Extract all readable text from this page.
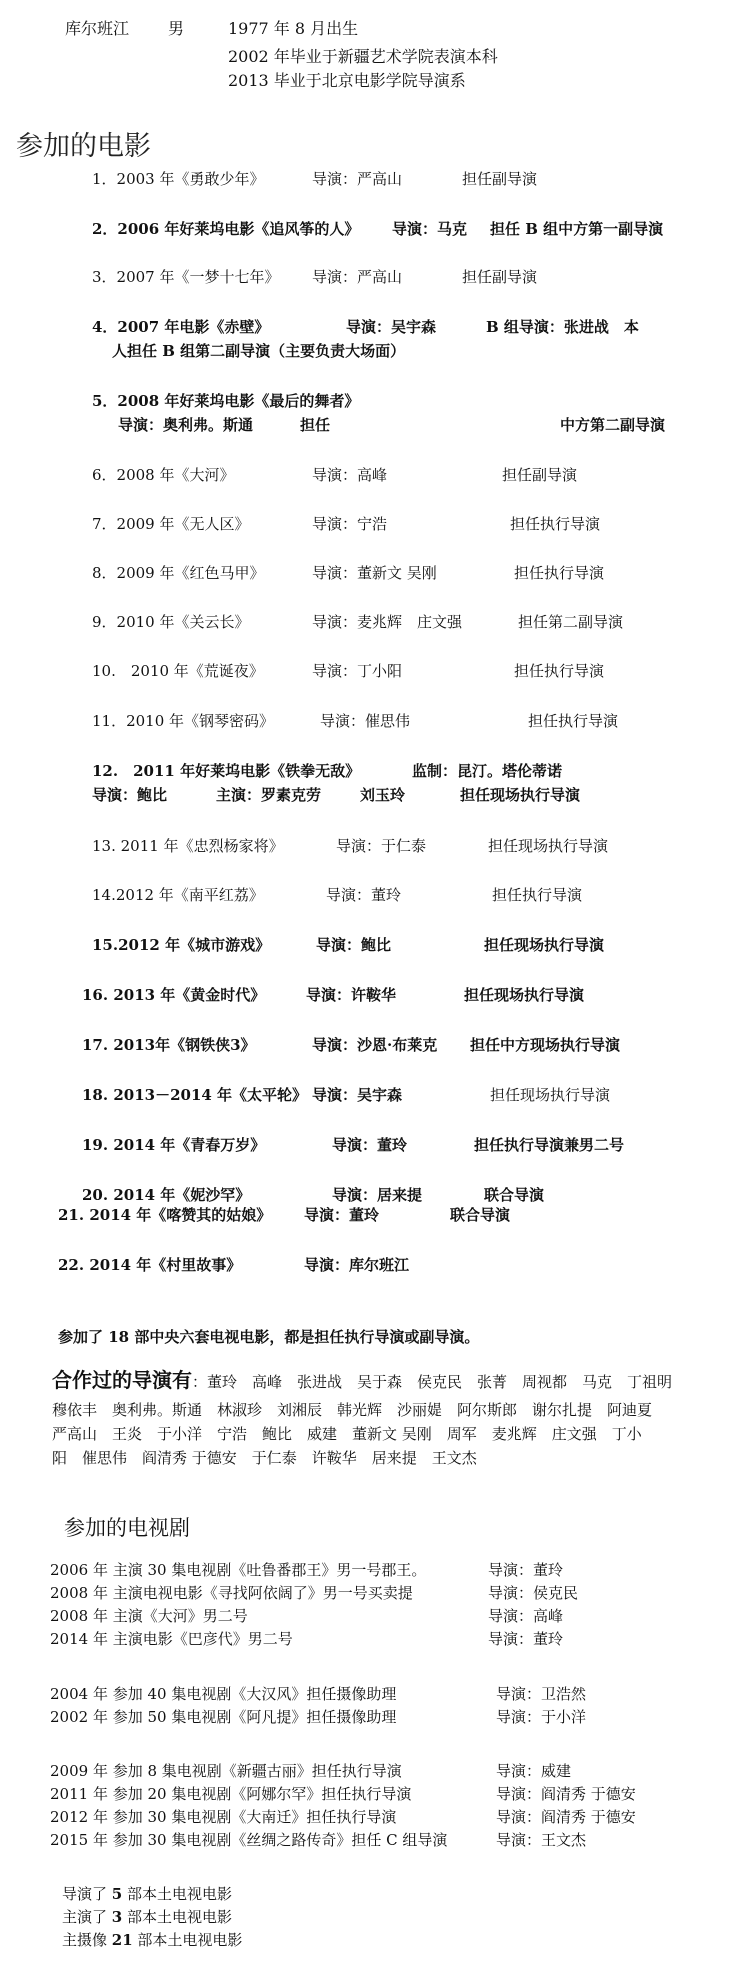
库尔班江 男	1977 年 8 月出生
2002 年毕业于新疆艺术学院表演本科
2013 毕业于北京电影学院导演系
参加的电影
1．2003 年《勇敢少年》	导演：严高山	担任副导演
2．2006 年好莱坞电影《追风筝的人》 导演：马克 担任 B 组中方第一副导演
3．2007 年《一梦十七年》 导演：严高山	担任副导演
4．2007 年电影《赤壁》	导演：吴宇森	B 组导演：张进战　本
人担任 B 组第二副导演（主要负责大场面）
5．2008 年好莱坞电影《最后的舞者》
导演：奥利弗。斯通	担任	中方第二副导演
6．2008 年《大河》	导演：高峰	担任副导演
7．2009 年《无人区》	导演：宁浩	担任执行导演
8．2009 年《红色马甲》	导演：董新文 吴刚	担任执行导演
9．2010 年《关云长》	导演：麦兆辉　庄文强	担任第二副导演
10.　2010 年《荒诞夜》	导演：丁小阳	担任执行导演
11．2010 年《钢琴密码》	导演：催思伟	担任执行导演
12.　2011 年好莱坞电影《铁拳无敌》	监制：昆汀。塔伦蒂诺
导演：鲍比	主演：罗素克劳	刘玉玲	担任现场执行导演
13. 2011 年《忠烈杨家将》	导演：于仁泰	担任现场执行导演
14.2012 年《南平红荔》	导演：董玲	担任执行导演
15.2012 年《城市游戏》	导演：鲍比	担任现场执行导演
16. 2013 年《黄金时代》	导演：许鞍华	担任现场执行导演
17. 2013年《钢铁侠3》	导演：沙恩·布莱克 担任中方现场执行导演
18. 2013－2014 年《太平轮》 导演：吴宇森	担任现场执行导演
19. 2014 年《青春万岁》	导演：董玲	担任执行导演兼男二号
20. 2014 年《妮沙罕》	导演：居来提	联合导演
21. 2014 年《喀赞其的姑娘》 导演：董玲	联合导演
22. 2014 年《村里故事》	导演：库尔班江
参加了 18 部中央六套电视电影，都是担任执行导演或副导演。
合作过的导演有：董玲　高峰　张进战　吴于森　侯克民　张菁　周视都　马克　丁祖明
穆依丰　奥利弗。斯通　林淑珍　刘湘辰　韩光辉　沙丽媞　阿尔斯郎　谢尔扎提　阿迪夏
严高山　王炎　于小洋　宁浩　鲍比　威建　董新文 吴刚　周军　麦兆辉　庄文强　丁小
阳　催思伟　阎清秀 于德安　于仁泰　许鞍华　居来提　王文杰
参加的电视剧
2006 年 主演 30 集电视剧《吐鲁番郡王》男一号郡王。	导演：董玲
2008 年 主演电视电影《寻找阿依阔了》男一号买卖提	导演：侯克民
2008 年 主演《大河》男二号	导演：高峰
2014 年 主演电影《巴彦代》男二号	导演：董玲
2004 年 参加 40 集电视剧《大汉风》担任摄像助理	导演：卫浩然
2002 年 参加 50 集电视剧《阿凡提》担任摄像助理	导演：于小洋
2009 年 参加 8 集电视剧《新疆古丽》担任执行导演	导演：威建
2011 年 参加 20 集电视剧《阿娜尔罕》担任执行导演	导演：阎清秀 于德安
2012 年 参加 30 集电视剧《大南迁》担任执行导演	导演：阎清秀 于德安
2015 年 参加 30 集电视剧《丝绸之路传奇》担任 C 组导演	导演：王文杰
导演了 5 部本土电视电影
主演了 3 部本土电视电影
主摄像 21 部本土电视电影
